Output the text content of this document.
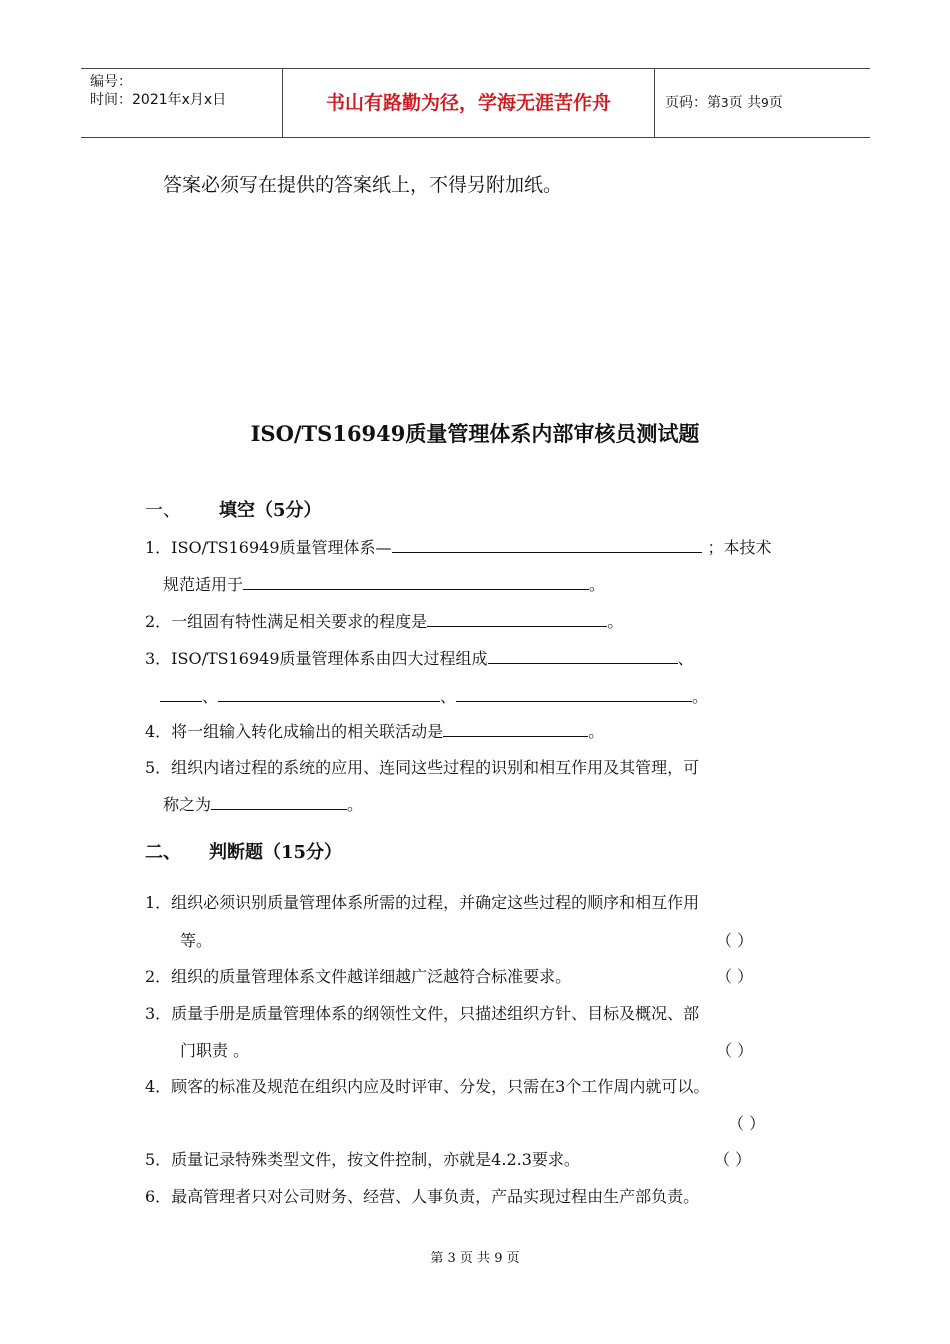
编号：
时间：2021年x月x日	书山有路勤为径，学海无涯苦作舟	页码：第3页 共9页
答案必须写在提供的答案纸上，不得另附加纸。
ISO/TS16949质量管理体系内部审核员测试题
一、 填空（5分）
1．ISO/TS16949质量管理体系—	；本技术
规范适用于	。
2．一组固有特性满足相关要求的程度是	。
3．ISO/TS16949质量管理体系由四大过程组成	、
、	、	。
4．将一组输入转化成输出的相关联活动是	。
5．组织内诸过程的系统的应用、连同这些过程的识别和相互作用及其管理，可
称之为	。
二、 判断题（15分）
1．组织必须识别质量管理体系所需的过程，并确定这些过程的顺序和相互作用
等。	（ ）
2．组织的质量管理体系文件越详细越广泛越符合标准要求。	（ ）
3．质量手册是质量管理体系的纲领性文件，只描述组织方针、目标及概况、部
门职责 。	（ ）
4．顾客的标准及规范在组织内应及时评审、分发，只需在3个工作周内就可以。
（ ）
5．质量记录特殊类型文件，按文件控制，亦就是4.2.3要求。	（ ）
6．最高管理者只对公司财务、经营、人事负责，产品实现过程由生产部负责。
第 3 页 共 9 页
